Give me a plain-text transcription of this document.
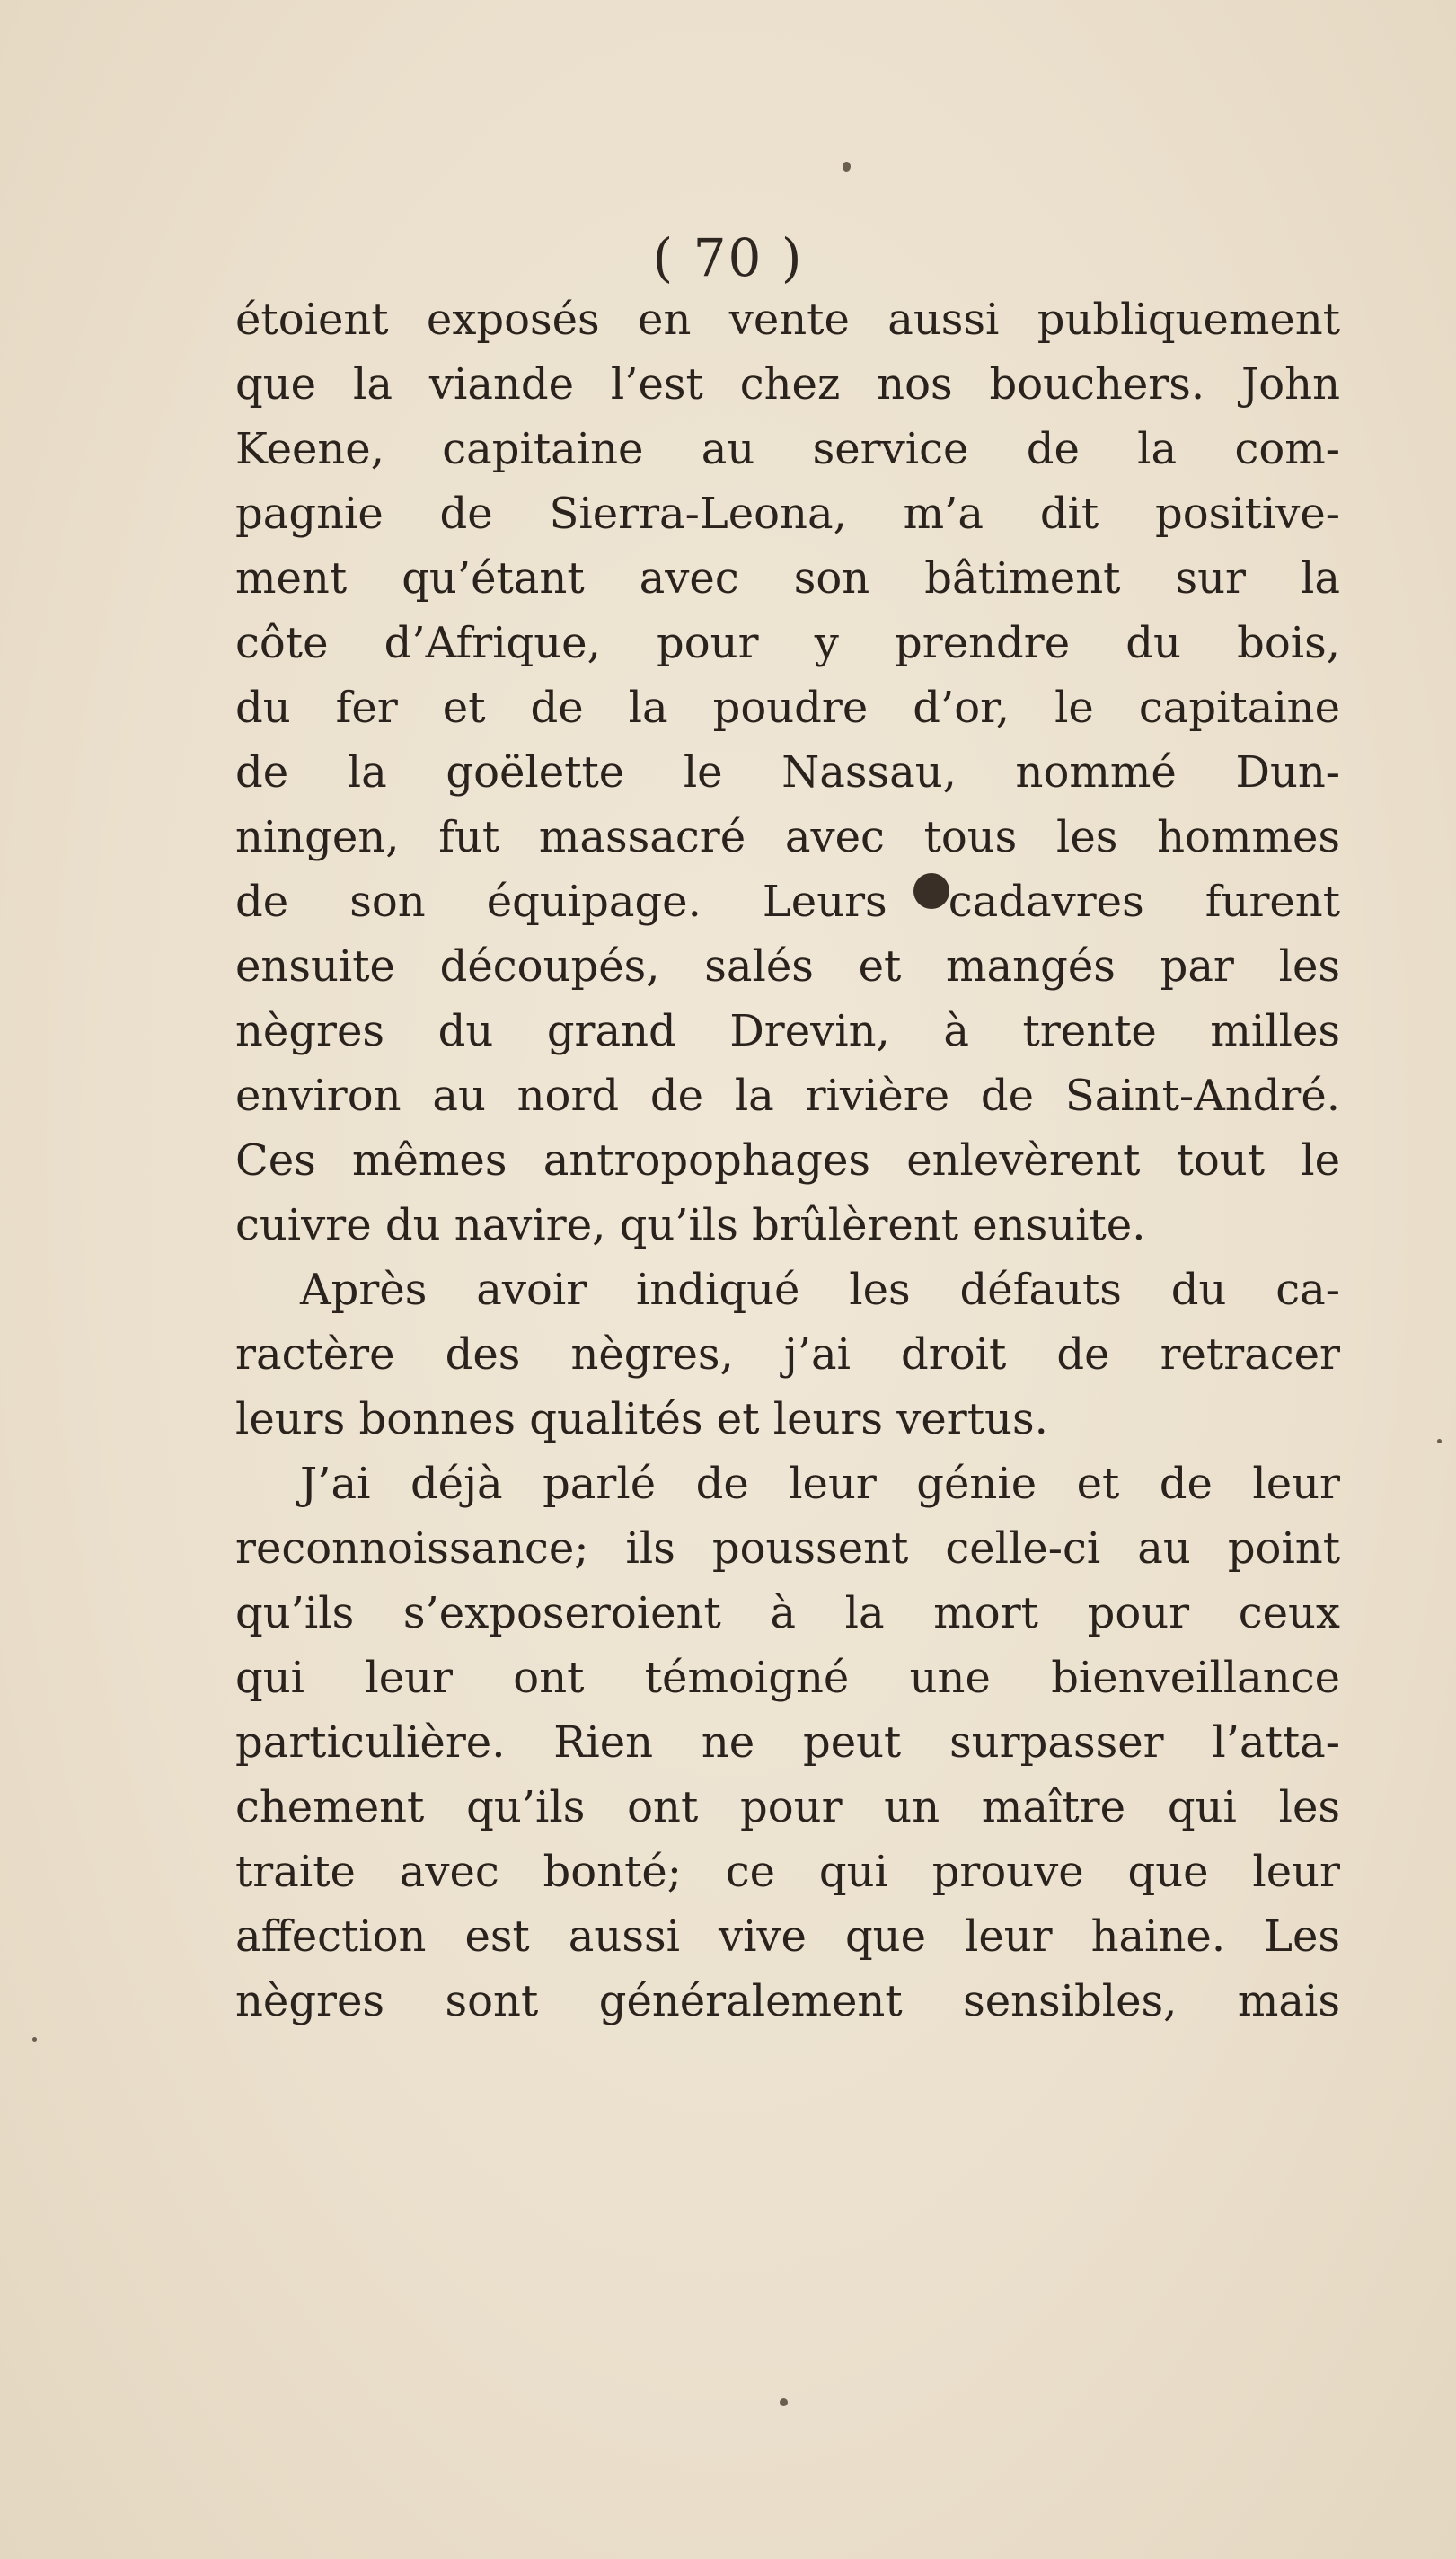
( 70 )
étoient exposés en vente aussi publiquement
que la viande l’est chez nos bouchers. John
Keene, capitaine au service de la com-
pagnie de Sierra-Leona, m’a dit positive-
ment qu’étant avec son bâtiment sur la
côte d’Afrique, pour y prendre du bois,
du fer et de la poudre d’or, le capitaine
de la goëlette le Nassau, nommé Dun-
ningen, fut massacré avec tous les hommes
de son équipage. Leurs cadavres furent
ensuite découpés, salés et mangés par les
nègres du grand Drevin, à trente milles
environ au nord de la rivière de Saint-André.
Ces mêmes antropophages enlevèrent tout le
cuivre du navire, qu’ils brûlèrent ensuite.
Après avoir indiqué les défauts du ca-
ractère des nègres, j’ai droit de retracer
leurs bonnes qualités et leurs vertus.
J’ai déjà parlé de leur génie et de leur
reconnoissance; ils poussent celle-ci au point
qu’ils s’exposeroient à la mort pour ceux
qui leur ont témoigné une bienveillance
particulière. Rien ne peut surpasser l’atta-
chement qu’ils ont pour un maître qui les
traite avec bonté; ce qui prouve que leur
affection est aussi vive que leur haine. Les
nègres sont généralement sensibles, mais
